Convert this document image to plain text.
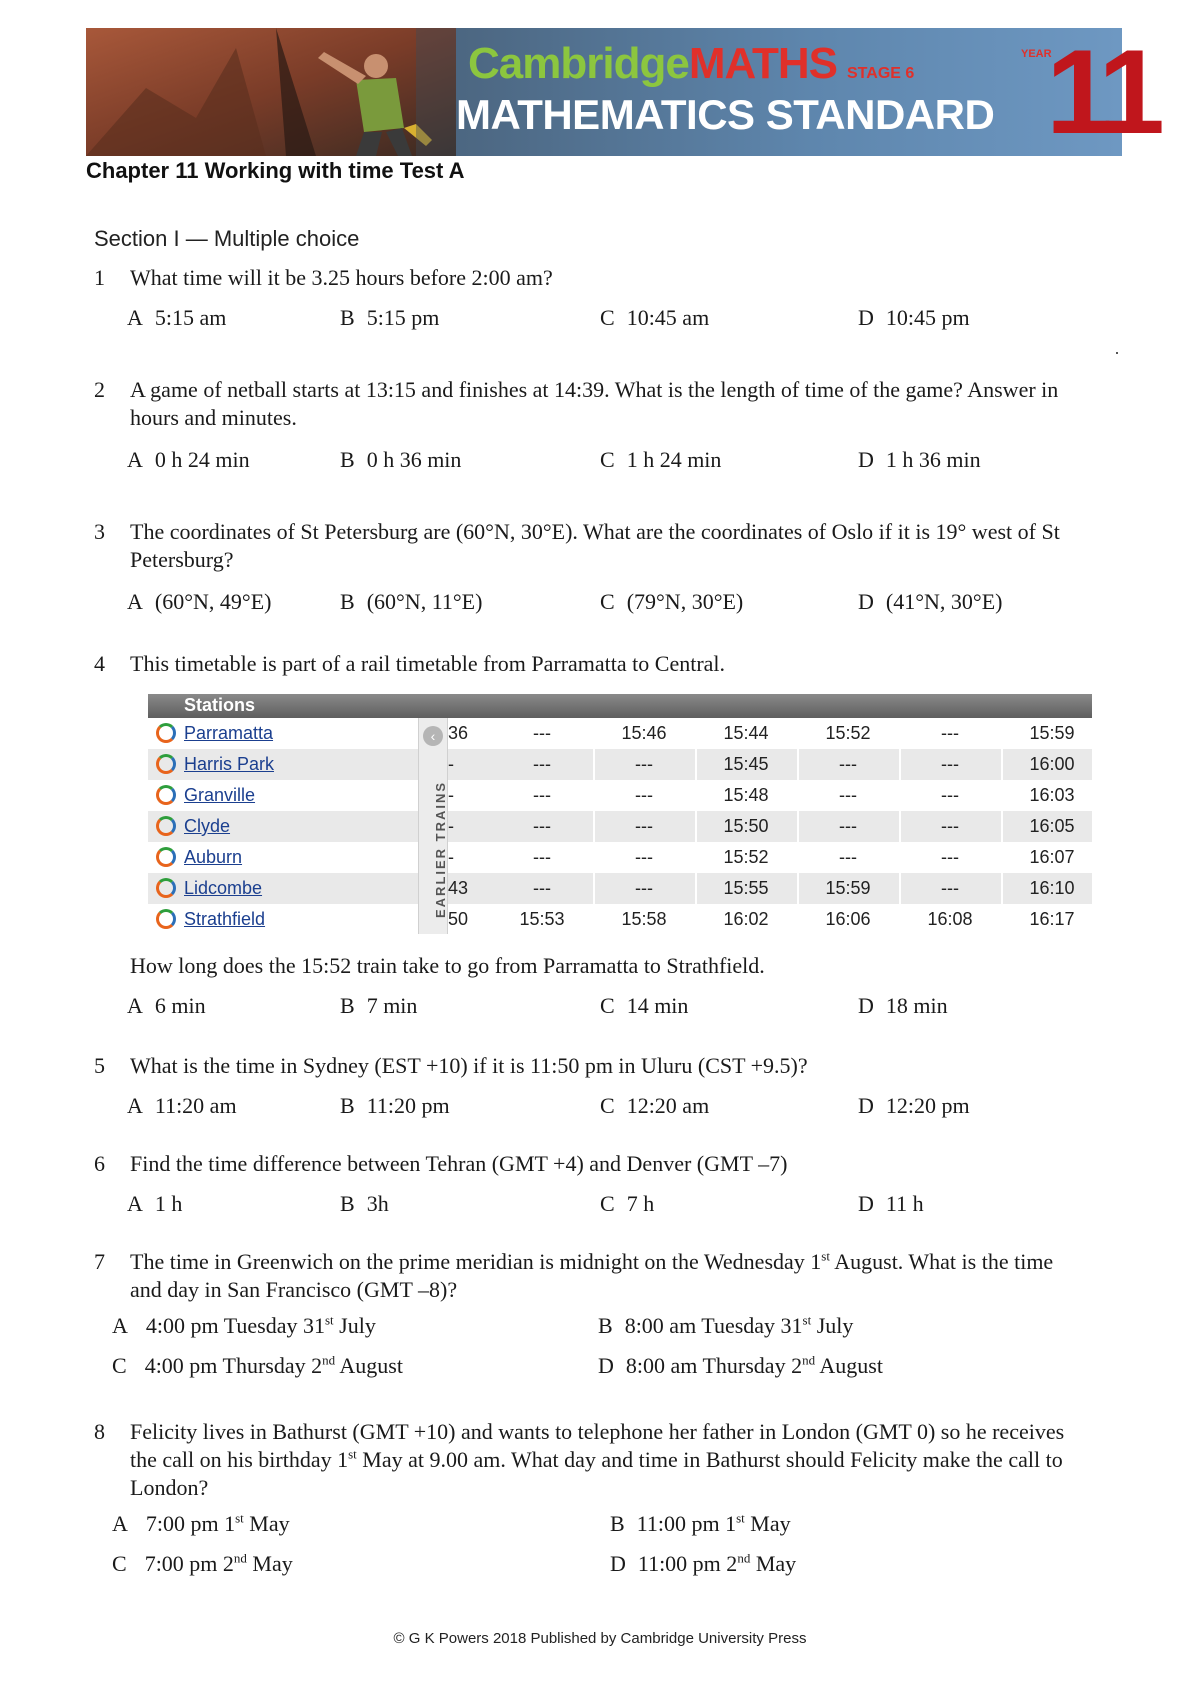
CambridgeMATHS STAGE 6
MATHEMATICS STANDARD
YEAR
11
Chapter 11 Working with time Test A
Section I — Multiple choice
1 What time will it be 3.25 hours before 2:00 am?
A 5:15 am	B 5:15 pm	C 10:45 am	D 10:45 pm
2 A game of netball starts at 13:15 and finishes at 14:39. What is the length of time of the game? Answer in hours and minutes.
A 0 h 24 min	B 0 h 36 min	C 1 h 24 min	D 1 h 36 min
3 The coordinates of St Petersburg are (60°N, 30°E). What are the coordinates of Oslo if it is 19° west of St Petersburg?
A (60°N, 49°E)	B (60°N, 11°E)	C (79°N, 30°E)	D (41°N, 30°E)
4 This timetable is part of a rail timetable from Parramatta to Central.
Stations
Parramatta	36	---	15:46	15:44	15:52	---	15:59
Harris Park	-	---	---	15:45	---	---	16:00
Granville	-	---	---	15:48	---	---	16:03
Clyde	-	---	---	15:50	---	---	16:05
Auburn	-	---	---	15:52	---	---	16:07
Lidcombe	43	---	---	15:55	15:59	---	16:10
Strathfield	50	15:53	15:58	16:02	16:06	16:08	16:17
‹
EARLIER TRAINS
How long does the 15:52 train take to go from Parramatta to Strathfield.
A 6 min	B 7 min	C 14 min	D 18 min
5 What is the time in Sydney (EST +10) if it is 11:50 pm in Uluru (CST +9.5)?
A 11:20 am	B 11:20 pm	C 12:20 am	D 12:20 pm
6 Find the time difference between Tehran (GMT +4) and Denver (GMT –7)
A 1 h	B 3h	C 7 h	D 11 h
7 The time in Greenwich on the prime meridian is midnight on the Wednesday 1st August. What is the time and day in San Francisco (GMT –8)?
A 4:00 pm Tuesday 31st July	B 8:00 am Tuesday 31st July
C 4:00 pm Thursday 2nd August	D 8:00 am Thursday 2nd August
8 Felicity lives in Bathurst (GMT +10) and wants to telephone her father in London (GMT 0) so he receives the call on his birthday 1st May at 9.00 am. What day and time in Bathurst should Felicity make the call to London?
A 7:00 pm 1st May	B 11:00 pm 1st May
C 7:00 pm 2nd May	D 11:00 pm 2nd May
© G K Powers 2018 Published by Cambridge University Press
